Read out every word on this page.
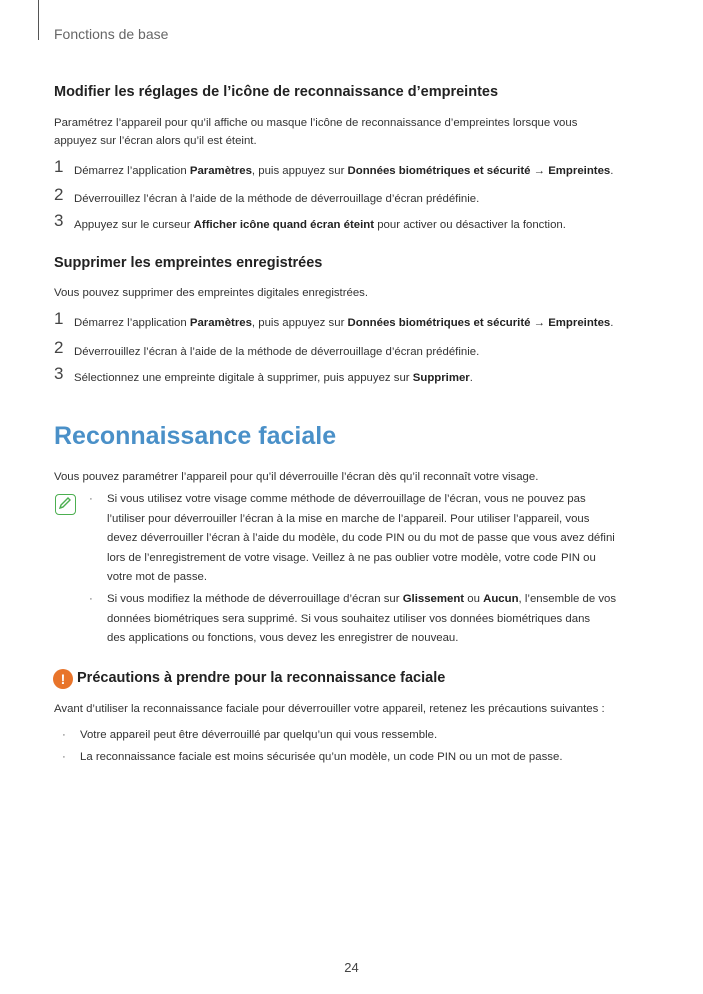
Fonctions de base
Modifier les réglages de l’icône de reconnaissance d’empreintes
Paramétrez l’appareil pour qu’il affiche ou masque l’icône de reconnaissance d’empreintes lorsque vous
appuyez sur l’écran alors qu’il est éteint.
1 Démarrez l’application Paramètres, puis appuyez sur Données biométriques et sécurité → Empreintes.
2 Déverrouillez l’écran à l’aide de la méthode de déverrouillage d’écran prédéfinie.
3 Appuyez sur le curseur Afficher icône quand écran éteint pour activer ou désactiver la fonction.
Supprimer les empreintes enregistrées
Vous pouvez supprimer des empreintes digitales enregistrées.
1 Démarrez l’application Paramètres, puis appuyez sur Données biométriques et sécurité → Empreintes.
2 Déverrouillez l’écran à l’aide de la méthode de déverrouillage d’écran prédéfinie.
3 Sélectionnez une empreinte digitale à supprimer, puis appuyez sur Supprimer.
Reconnaissance faciale
Vous pouvez paramétrer l’appareil pour qu’il déverrouille l’écran dès qu’il reconnaît votre visage.
· Si vous utilisez votre visage comme méthode de déverrouillage de l’écran, vous ne pouvez pas
l’utiliser pour déverrouiller l’écran à la mise en marche de l’appareil. Pour utiliser l’appareil, vous
devez déverrouiller l’écran à l’aide du modèle, du code PIN ou du mot de passe que vous avez défini
lors de l’enregistrement de votre visage. Veillez à ne pas oublier votre modèle, votre code PIN ou
votre mot de passe.
· Si vous modifiez la méthode de déverrouillage d’écran sur Glissement ou Aucun, l’ensemble de vos
données biométriques sera supprimé. Si vous souhaitez utiliser vos données biométriques dans
des applications ou fonctions, vous devez les enregistrer de nouveau.
! Précautions à prendre pour la reconnaissance faciale
Avant d’utiliser la reconnaissance faciale pour déverrouiller votre appareil, retenez les précautions suivantes :
· Votre appareil peut être déverrouillé par quelqu’un qui vous ressemble.
· La reconnaissance faciale est moins sécurisée qu’un modèle, un code PIN ou un mot de passe.
24
